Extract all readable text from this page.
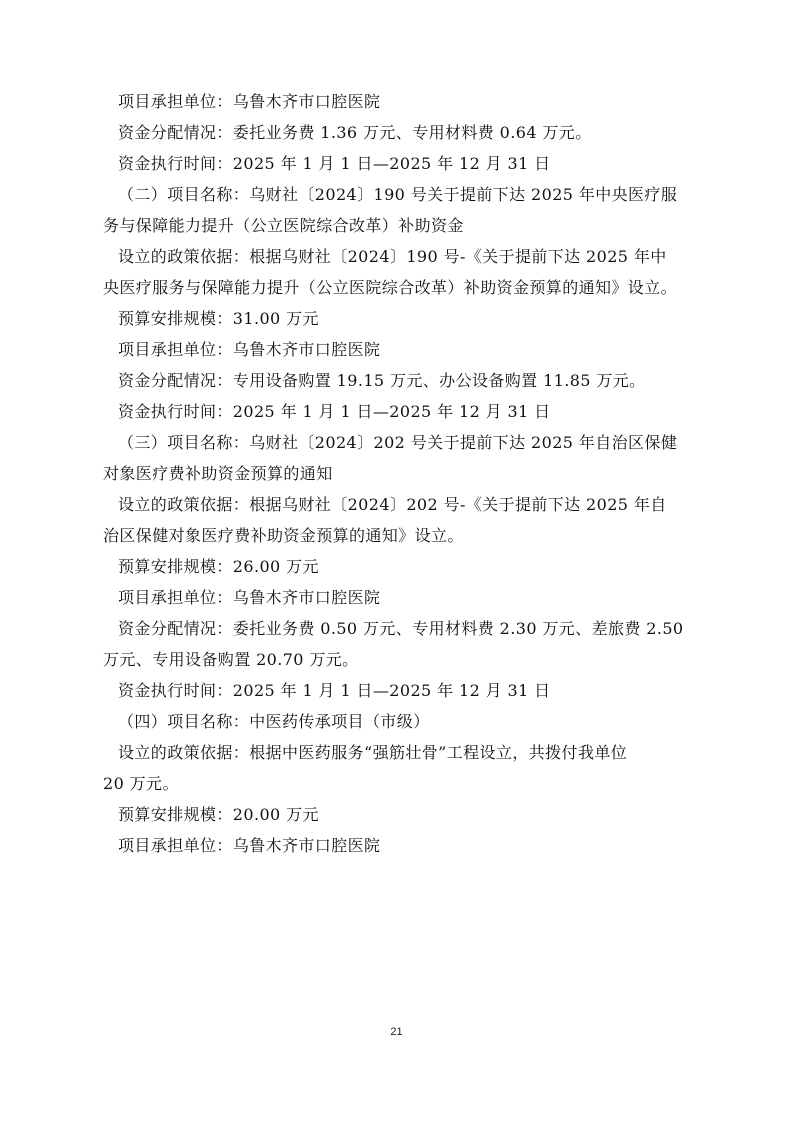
项目承担单位：乌鲁木齐市口腔医院
资金分配情况：委托业务费 1.36 万元、专用材料费 0.64 万元。
资金执行时间：2025 年 1 月 1 日—2025 年 12 月 31 日
（二）项目名称：乌财社〔2024〕190 号关于提前下达 2025 年中央医疗服
务与保障能力提升（公立医院综合改革）补助资金
设立的政策依据：根据乌财社〔2024〕190 号-《关于提前下达 2025 年中
央医疗服务与保障能力提升（公立医院综合改革）补助资金预算的通知》设立。
预算安排规模：31.00 万元
项目承担单位：乌鲁木齐市口腔医院
资金分配情况：专用设备购置 19.15 万元、办公设备购置 11.85 万元。
资金执行时间：2025 年 1 月 1 日—2025 年 12 月 31 日
（三）项目名称：乌财社〔2024〕202 号关于提前下达 2025 年自治区保健
对象医疗费补助资金预算的通知
设立的政策依据：根据乌财社〔2024〕202 号-《关于提前下达 2025 年自
治区保健对象医疗费补助资金预算的通知》设立。
预算安排规模：26.00 万元
项目承担单位：乌鲁木齐市口腔医院
资金分配情况：委托业务费 0.50 万元、专用材料费 2.30 万元、差旅费 2.50
万元、专用设备购置 20.70 万元。
资金执行时间：2025 年 1 月 1 日—2025 年 12 月 31 日
（四）项目名称：中医药传承项目（市级）
设立的政策依据：根据中医药服务“强筋壮骨”工程设立，共拨付我单位
20 万元。
预算安排规模：20.00 万元
项目承担单位：乌鲁木齐市口腔医院
21
